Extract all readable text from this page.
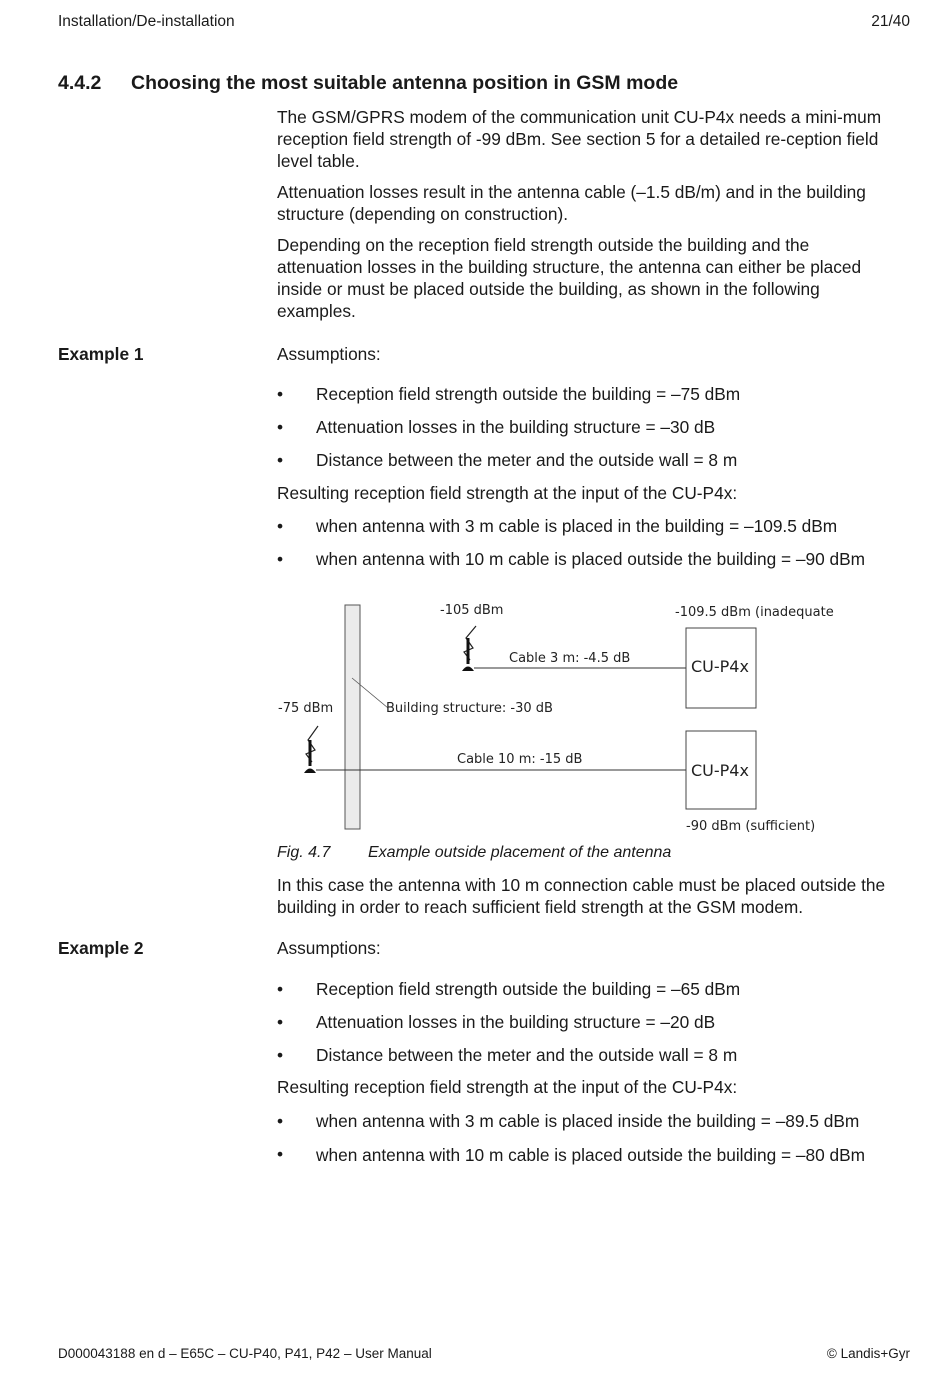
Installation/De-installation	21/40
4.4.2 Choosing the most suitable antenna position in GSM mode

The GSM/GPRS modem of the communication unit CU-P4x needs a mini-mum reception field strength of -99 dBm. See section 5 for a detailed re-ception field level table.

Attenuation losses result in the antenna cable (–1.5 dB/m) and in the building structure (depending on construction).

Depending on the reception field strength outside the building and the attenuation losses in the building structure, the antenna can either be placed inside or must be placed outside the building, as shown in the following examples.

Example 1	Assumptions:
• Reception field strength outside the building = –75 dBm
• Attenuation losses in the building structure = –30 dB
• Distance between the meter and the outside wall = 8 m
Resulting reception field strength at the input of the CU-P4x:
• when antenna with 3 m cable is placed in the building = –109.5 dBm
• when antenna with 10 m cable is placed outside the building = –90 dBm
-105 dBm
Cable 3 m: -4.5 dB	CU-P4x
-109.5 dBm (inadequate
-75 dBm	Building structure: -30 dB
Cable 10 m: -15 dB
CU-P4x
-90 dBm (sufficient)
Fig. 4.7 Example outside placement of the antenna

In this case the antenna with 10 m connection cable must be placed outside the building in order to reach sufficient field strength at the GSM modem.

Example 2	Assumptions:
• Reception field strength outside the building = –65 dBm
• Attenuation losses in the building structure = –20 dB
• Distance between the meter and the outside wall = 8 m
Resulting reception field strength at the input of the CU-P4x:
• when antenna with 3 m cable is placed inside the building = –89.5 dBm
• when antenna with 10 m cable is placed outside the building = –80 dBm
D000043188 en d – E65C – CU-P40, P41, P42 – User Manual	© Landis+Gyr
